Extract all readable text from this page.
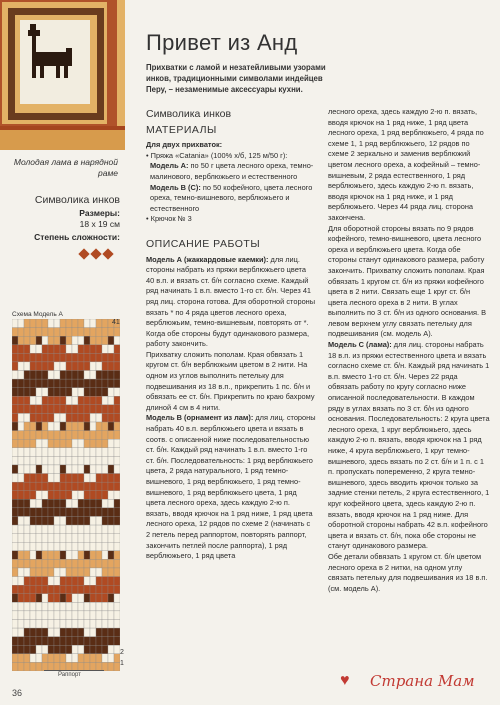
Молодая лама в нарядной раме
Символика инков
Размеры:
18 x 19 см
Степень сложности:
Схема Модель А
41
2
1
Раппорт
36
Привет из Анд
Прихватки с ламой и незатейливыми узорами инков, традиционными символами индейцев Перу, – незаменимые аксессуары кухни.
Символика инков
МАТЕРИАЛЫ

Для двух прихваток:

• Пряжа «Catania» (100% х/б, 125 м/50 г):

Модель А: по 50 г цвета лесного ореха, темно-малинового, верблюжьего и естественного

Модель В (С): по 50 кофейного, цвета лесного ореха, темно-вишневого, верблюжьего и естественного

• Крючок № 3

ОПИСАНИЕ РАБОТЫ

Модель А (жаккардовые каемки): для лиц. стороны набрать из пряжи верблюжьего цвета 40 в.п. и вязать ст. б/н согласно схеме. Каждый ряд начинать 1 в.п. вместо 1-го ст. б/н. Через 41 ряд лиц. сторона готова. Для оборотной стороны вязать * по 4 ряда цветов лесного ореха, верблюжьим, темно-вишневым, повторять от *. Когда обе стороны будут одинакового размера, работу закончить.

Прихватку сложить пополам. Края обвязать 1 кругом ст. б/н верблюжьим цветом в 2 нити. На одном из углов выполнить петельку для подвешивания из 18 в.п., прикрепить 1 пс. б/н и обвязать ее ст. б/н. Прикрепить по краю бахрому длиной 4 см в 4 нити.

Модель В (орнамент из лам): для лиц. стороны набрать 40 в.п. верблюжьего цвета и вязать в соотв. с описанной ниже последовательностью ст. б/н. Каждый ряд начинать 1 в.п. вместо 1-го ст. б/н. Последовательность: 1 ряд верблюжьего цвета, 2 ряда натурального, 1 ряд темно-вишневого, 1 ряд верблюжьего, 1 ряд темно-вишневого, 1 ряд верблюжьего цвета, 1 ряд цвета лесного ореха, здесь каждую 2-ю п. вязать, вводя крючок на 1 ряд ниже, 1 ряд цвета лесного ореха, 12 рядов по схеме 2 (начинать с 2 петель перед раппортом, повторять раппорт, закончить петлей после раппорта), 1 ряд верблюжьего, 1 ряд цвета

лесного ореха, здесь каждую 2-ю п. вязать, вводя крючок на 1 ряд ниже, 1 ряд цвета лесного ореха, 1 ряд верблюжьего, 4 ряда по схеме 1, 1 ряд верблюжьего, 12 рядов по схеме 2 зеркально и заменив верблюжий цветом лесного ореха, а кофейный – темно-вишневым, 2 ряда естественного, 1 ряд верблюжьего, здесь каждую 2-ю п. вязать, вводя крючок на 1 ряд ниже, и 1 ряд верблюжьего. Через 44 ряда лиц. сторона закончена.

Для оборотной стороны вязать по 9 рядов кофейного, темно-вишневого, цвета лесного ореха и верблюжьего цвета. Когда обе стороны станут одинакового размера, работу закончить. Прихватку сложить пополам. Края обвязать 1 кругом ст. б/н из пряжи кофейного цвета в 2 нити. Связать еще 1 круг ст. б/н цвета лесного ореха в 2 нити. В углах выполнить по 3 ст. б/н из одного основания. В левом верхнем углу связать петельку для подвешивания (см. модель А).

Модель С (лама): для лиц. стороны набрать 18 в.п. из пряжи естественного цвета и вязать согласно схеме ст. б/н. Каждый ряд начинать 1 в.п. вместо 1-го ст. б/н. Через 22 ряда обвязать работу по кругу согласно ниже описанной последовательности. В каждом ряду в углах вязать по 3 ст. б/н из одного основания. Последовательность: 2 круга цвета лесного ореха, 1 круг верблюжьего, здесь каждую 2-ю п. вязать, вводя крючок на 1 ряд ниже, 4 круга верблюжьего, 1 круг темно-вишневого, здесь вязать по 2 ст. б/н и 1 п. с 1 п. пропускать попеременно, 2 круга темно-вишневого, здесь вводить крючок только за задние стенки петель, 2 круга естественного, 1 круг кофейного цвета, здесь каждую 2-ю п. вязать, вводя крючок на 1 ряд ниже. Для оборотной стороны набрать 42 в.п. кофейного цвета и вязать ст. б/н, пока обе стороны не станут одинакового размера.

Обе детали обвязать 1 кругом ст. б/н цветом лесного ореха в 2 нитки, на одном углу связать петельку для подвешивания из 18 в.п. (см. модель А).

♥ Страна Мам
